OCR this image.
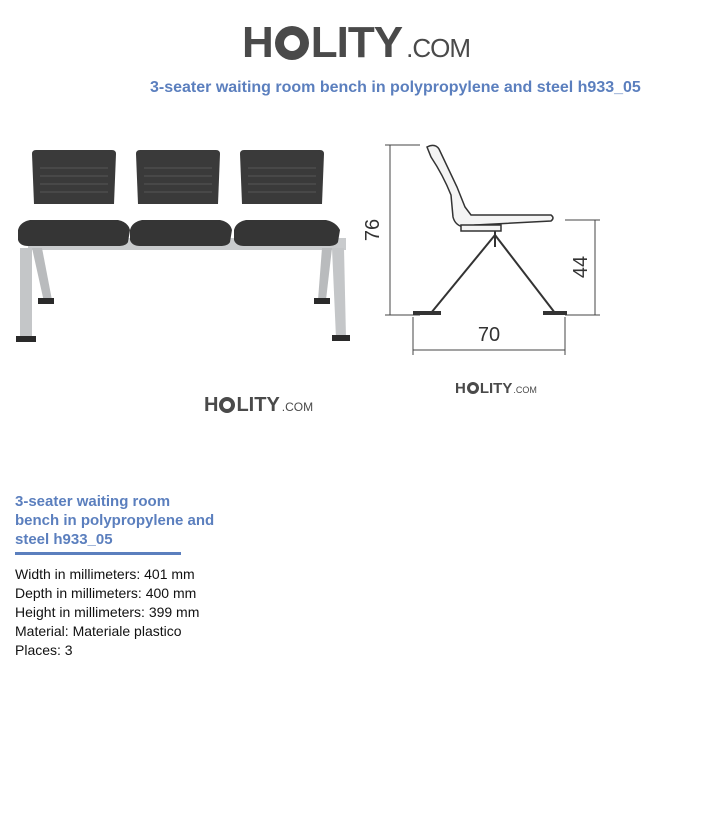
H LITY .COM
3-seater waiting room bench in polypropylene and steel h933_05
76
44
70
H LITY .COM
H LITY .COM
3-seater waiting room bench in polypropylene and steel h933_05
Width in millimeters: 401 mm
Depth in millimeters: 400 mm
Height in millimeters: 399 mm
Material: Materiale plastico
Places: 3
